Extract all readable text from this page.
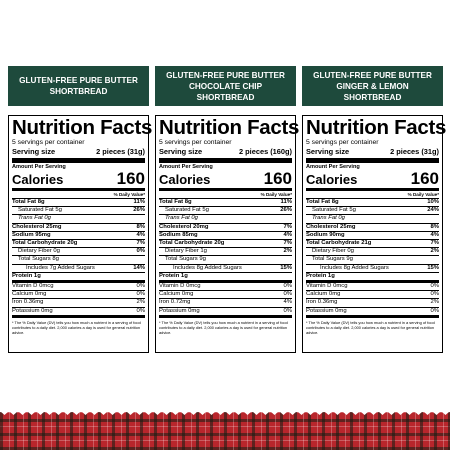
GLUTEN-FREE PURE BUTTER
SHORTBREAD
Nutrition Facts
5 servings per container
Serving size	2 pieces (31g)
Amount Per Serving
Calories	160
% Daily Value*
Total Fat 8g	11%
Saturated Fat 5g	26%
Trans Fat 0g
Cholesterol 25mg	8%
Sodium 95mg	4%
Total Carbohydrate 20g	7%
Dietary Fiber 0g	0%
Total Sugars 8g
Includes 7g Added Sugars	14%
Protein 1g
Vitamin D 0mcg	0%
Calcium 0mg	0%
Iron 0.36mg	2%
Potassium 0mg	0%
* The % Daily Value (DV) tells you how much a nutrient in a serving of food contributes to a daily diet. 2,000 calories a day is used for general nutrition advice.
GLUTEN-FREE PURE BUTTER
CHOCOLATE CHIP
SHORTBREAD
Nutrition Facts
5 servings per container
Serving size	2 pieces (160g)
Amount Per Serving
Calories	160
% Daily Value*
Total Fat 8g	11%
Saturated Fat 5g	26%
Trans Fat 0g
Cholesterol 20mg	7%
Sodium 85mg	4%
Total Carbohydrate 20g	7%
Dietary Fiber 1g	2%
Total Sugars 9g
Includes 8g Added Sugars	15%
Protein 1g
Vitamin D 0mcg	0%
Calcium 0mg	0%
Iron 0.72mg	4%
Potassium 0mg	0%
* The % Daily Value (DV) tells you how much a nutrient in a serving of food contributes to a daily diet. 2,000 calories a day is used for general nutrition advice.
GLUTEN-FREE PURE BUTTER
GINGER & LEMON
SHORTBREAD
Nutrition Facts
5 servings per container
Serving size	2 pieces (31g)
Amount Per Serving
Calories	160
% Daily Value*
Total Fat 8g	10%
Saturated Fat 5g	24%
Trans Fat 0g
Cholesterol 25mg	8%
Sodium 90mg	4%
Total Carbohydrate 21g	7%
Dietary Fiber 0g	2%
Total Sugars 9g
Includes 8g Added Sugars	15%
Protein 1g
Vitamin D 0mcg	0%
Calcium 0mg	0%
Iron 0.36mg	2%
Potassium 0mg	0%
* The % Daily Value (DV) tells you how much a nutrient in a serving of food contributes to a daily diet. 2,000 calories a day is used for general nutrition advice.
